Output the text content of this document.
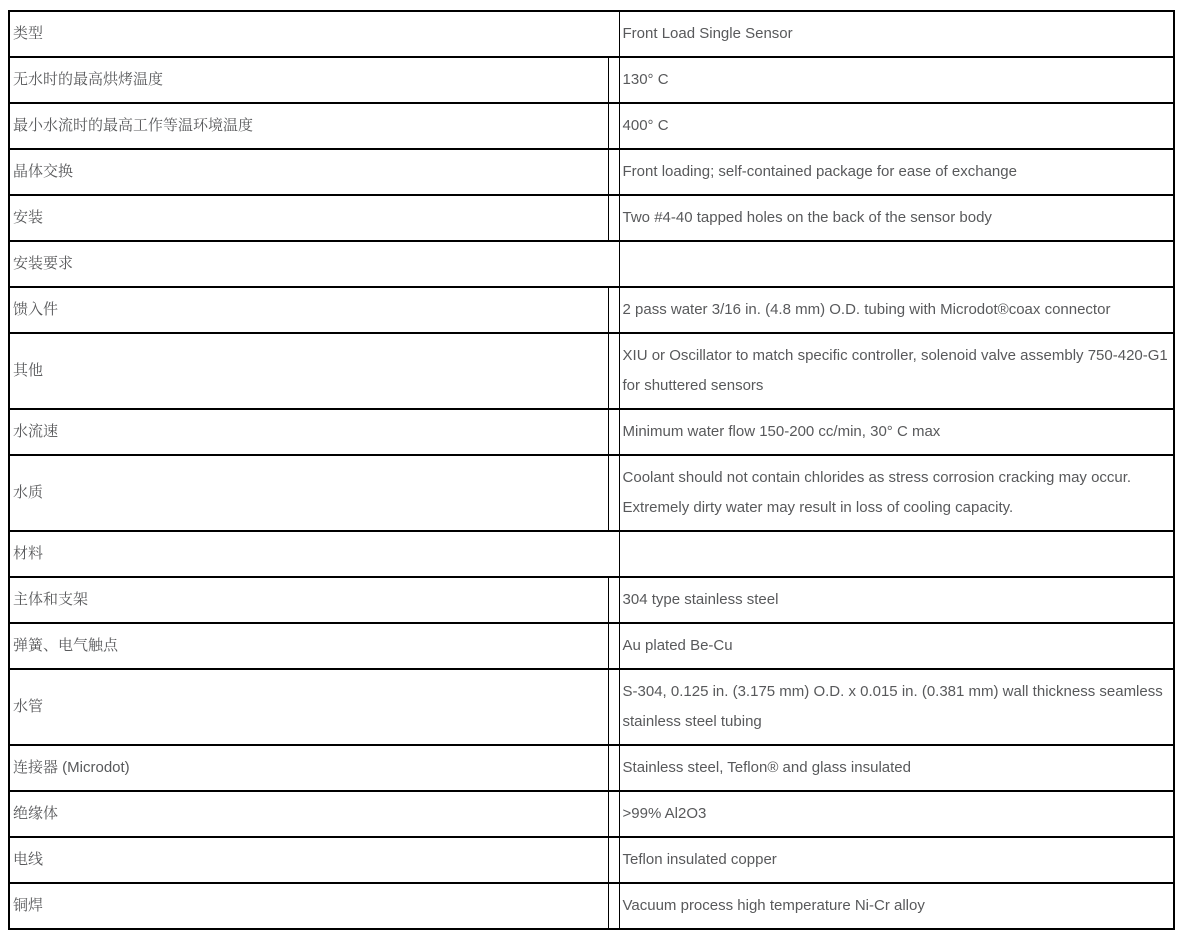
类型		Front Load Single Sensor
无水时的最高烘烤温度		130° C
最小水流时的最高工作等温环境温度		400° C
晶体交换		Front loading; self-contained package for ease of exchange
安装		Two #4-40 tapped holes on the back of the sensor body
安装要求		
馈入件		2 pass water 3/16 in. (4.8 mm) O.D. tubing with Microdot®coax connector
其他		XIU or Oscillator to match specific controller, solenoid valve assembly 750-420-G1 for shuttered sensors
水流速		Minimum water flow 150-200 cc/min, 30° C max
水质		Coolant should not contain chlorides as stress corrosion cracking may occur. Extremely dirty water may result in loss of cooling capacity.
材料		
主体和支架		304 type stainless steel
弹簧、电气触点		Au plated Be-Cu
水管		S-304, 0.125 in. (3.175 mm) O.D. x 0.015 in. (0.381 mm) wall thickness seamless stainless steel tubing
连接器 (Microdot)		Stainless steel, Teflon® and glass insulated
绝缘体		>99% Al2O3
电线		Teflon insulated copper
铜焊		Vacuum process high temperature Ni-Cr alloy
